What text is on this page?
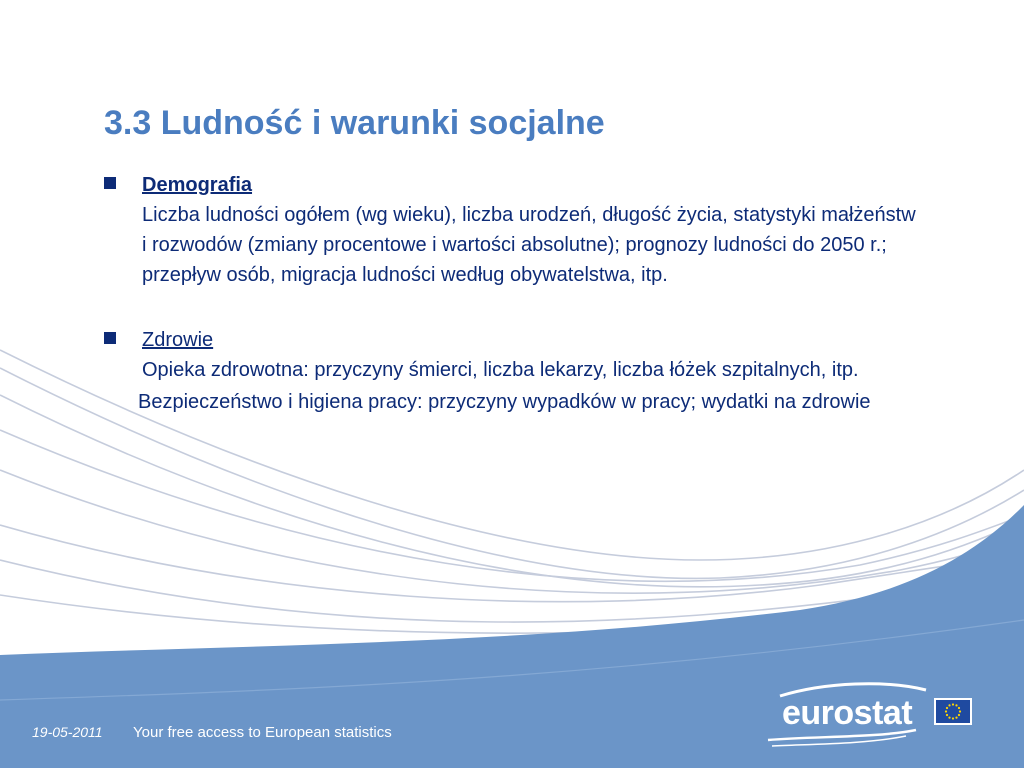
3.3 Ludność i warunki socjalne
Demografia
Liczba ludności ogółem (wg wieku), liczba urodzeń, długość życia, statystyki małżeństw i rozwodów (zmiany procentowe i wartości absolutne); prognozy ludności do 2050 r.; przepływ osób, migracja ludności według obywatelstwa, itp.
Zdrowie
Opieka zdrowotna: przyczyny śmierci, liczba lekarzy, liczba łóżek szpitalnych, itp.
Bezpieczeństwo i higiena pracy: przyczyny wypadków w pracy; wydatki na zdrowie
19-05-2011 Your free access to European statistics
eurostat
